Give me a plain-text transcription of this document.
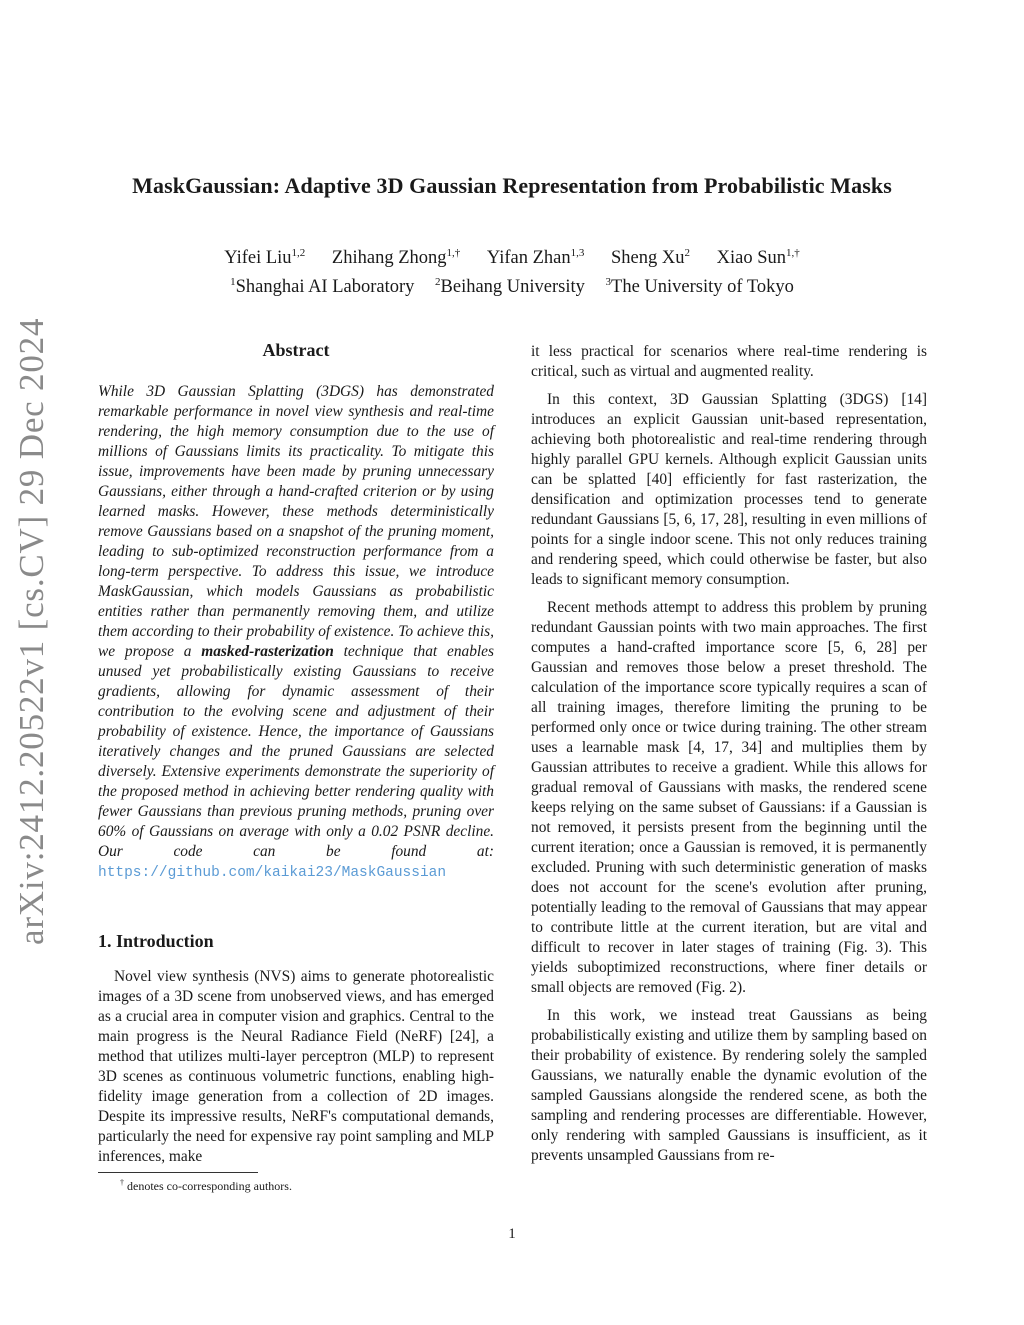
MaskGaussian: Adaptive 3D Gaussian Representation from Probabilistic Masks
Yifei Liu$^{1,2}$ Zhihang Zhong$^{1,\dagger}$ Yifan Zhan$^{1,3}$ Sheng Xu$^2$ Xiao Sun$^{1,\dagger}$
$^1$Shanghai AI Laboratory $^2$Beihang University $^3$The University of Tokyo
arXiv:2412.20522v1 [cs.CV] 29 Dec 2024	Abstract
While 3D Gaussian Splatting (3DGS) has demonstrated remarkable performance in novel view synthesis and real-time rendering, the high memory consumption due to the use of millions of Gaussians limits its practicality. To mitigate this issue, improvements have been made by pruning unnecessary Gaussians, either through a hand-crafted criterion or by using learned masks. However, these methods deterministically remove Gaussians based on a snapshot of the pruning moment, leading to sub-optimized reconstruction performance from a long-term perspective. To address this issue, we introduce MaskGaussian, which models Gaussians as probabilistic entities rather than permanently removing them, and utilize them according to their probability of existence. To achieve this, we propose a masked-rasterization technique that enables unused yet probabilistically existing Gaussians to receive gradients, allowing for dynamic assessment of their contribution to the evolving scene and adjustment of their probability of existence. Hence, the importance of Gaussians iteratively changes and the pruned Gaussians are selected diversely. Extensive experiments demonstrate the superiority of the proposed method in achieving better rendering quality with fewer Gaussians than previous pruning methods, pruning over 60% of Gaussians on average with only a 0.02 PSNR decline. Our code can be found at: https://github.com/kaikai23/MaskGaussian
1. Introduction

Novel view synthesis (NVS) aims to generate photorealistic images of a 3D scene from unobserved views, and has emerged as a crucial area in computer vision and graphics. Central to the main progress is the Neural Radiance Field (NeRF) [24], a method that utilizes multi-layer perceptron (MLP) to represent 3D scenes as continuous volumetric functions, enabling high-fidelity image generation from a collection of 2D images. Despite its impressive results, NeRF's computational demands, particularly the need for expensive ray point sampling and MLP inferences, make

it less practical for scenarios where real-time rendering is critical, such as virtual and augmented reality.

In this context, 3D Gaussian Splatting (3DGS) [14] introduces an explicit Gaussian unit-based representation, achieving both photorealistic and real-time rendering through highly parallel GPU kernels. Although explicit Gaussian units can be splatted [40] efficiently for fast rasterization, the densification and optimization processes tend to generate redundant Gaussians [5, 6, 17, 28], resulting in even millions of points for a single indoor scene. This not only reduces training and rendering speed, which could otherwise be faster, but also leads to significant memory consumption.

Recent methods attempt to address this problem by pruning redundant Gaussian points with two main approaches. The first computes a hand-crafted importance score [5, 6, 28] per Gaussian and removes those below a preset threshold. The calculation of the importance score typically requires a scan of all training images, therefore limiting the pruning to be performed only once or twice during training. The other stream uses a learnable mask [4, 17, 34] and multiplies them by Gaussian attributes to receive a gradient. While this allows for gradual removal of Gaussians with masks, the rendered scene keeps relying on the same subset of Gaussians: if a Gaussian is not removed, it persists present from the beginning until the current iteration; once a Gaussian is removed, it is permanently excluded. Pruning with such deterministic generation of masks does not account for the scene's evolution after pruning, potentially leading to the removal of Gaussians that may appear to contribute little at the current iteration, but are vital and difficult to recover in later stages of training (Fig. 3). This yields suboptimized reconstructions, where finer details or small objects are removed (Fig. 2).

In this work, we instead treat Gaussians as being probabilistically existing and utilize them by sampling based on their probability of existence. By rendering solely the sampled Gaussians, we naturally enable the dynamic evolution of the sampled Gaussians alongside the rendered scene, as both the sampling and rendering processes are differentiable. However, only rendering with sampled Gaussians is insufficient, as it prevents unsampled Gaussians from re-

† denotes co-corresponding authors.
1
